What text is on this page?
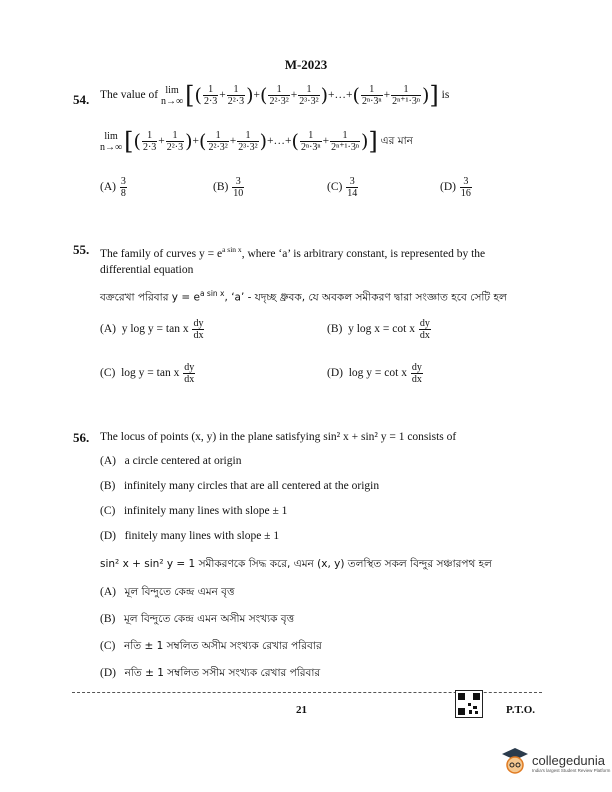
M-2023
54. The value of lim
n→∞ [( $\frac{1}{2\cdot 3} + \frac{1}{\text{2²·3}}$ )+( $\frac{1}{\text{2²·3²}} + \frac{1}{\text{2³·3²}}$ )+…+( $\frac{1}{\text{2ⁿ·3ⁿ}} + \frac{1}{\text{2ⁿ⁺¹·3ⁿ}}$ )] is
lim
n→∞ [( $\frac{1}{2\cdot 3} + \frac{1}{\text{2²·3}}$ )+( $\frac{1}{\text{2²·3²}} + \frac{1}{\text{2³·3²}}$ )+…+( $\frac{1}{\text{2ⁿ·3ⁿ}} + \frac{1}{\text{2ⁿ⁺¹·3ⁿ}}$ )] এর মান
$(A) \frac{3}{8}$	$(B) \frac{3}{10}$	$(C) \frac{3}{14}$	$(D) \frac{3}{16}$
55. The family of curves $y = e^{a sin x}$, where ‘a’ is arbitrary constant, is represented by the
differential equation
বক্ররেখা পরিবার $y = e^{a sin x}$, ‘a’ - যদৃচ্ছ ধ্রুবক, যে অবকল সমীকরণ দ্বারা সংজ্ঞাত হবে সেটি হল
(A) y log y = tan x $\frac{dy}{dx}$	(B) y log x = cot x $\frac{dy}{dx}$
(C) log y = tan x $\frac{dy}{dx}$	(D) log y = cot x $\frac{dy}{dx}$
56. The locus of points (x, y) in the plane satisfying sin² x + sin² y = 1 consists of
(A) a circle centered at origin
(B) infinitely many circles that are all centered at the origin
(C) infinitely many lines with slope ± 1
(D) finitely many lines with slope ± 1
sin² x + sin² y = 1 সমীকরণকে সিদ্ধ করে, এমন (x, y) তলস্থিত সকল বিন্দুর সঞ্চারপথ হল
(A) মূল বিন্দুতে কেন্দ্র এমন বৃত্ত
(B) মূল বিন্দুতে কেন্দ্র এমন অসীম সংখ্যক বৃত্ত
(C) নতি ± 1 সম্বলিত অসীম সংখ্যক রেখার পরিবার
(D) নতি ± 1 সম্বলিত সসীম সংখ্যক রেখার পরিবার
21	P.T.O.
collegedunia
India's largest Student Review Platform
